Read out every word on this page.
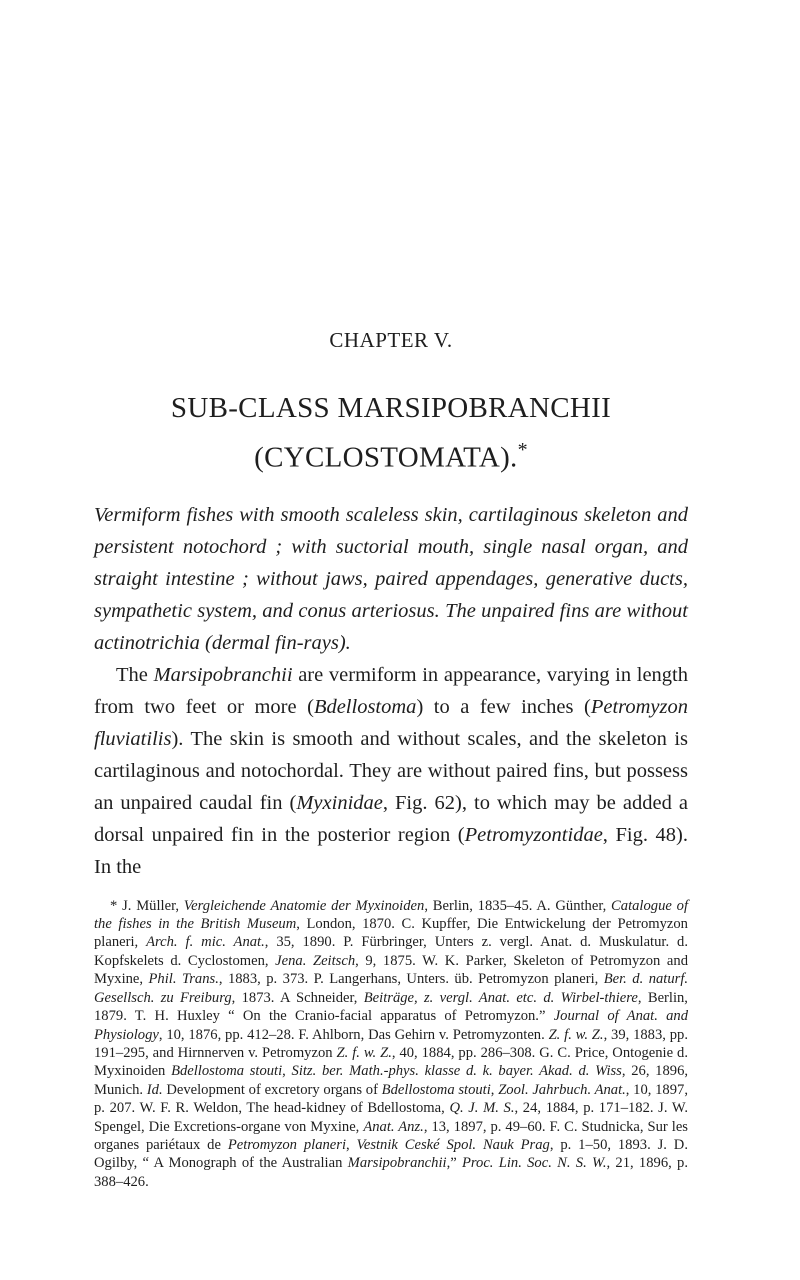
CHAPTER V.
SUB-CLASS MARSIPOBRANCHII
(CYCLOSTOMATA).*

Vermiform fishes with smooth scaleless skin, cartilaginous skeleton and persistent notochord ; with suctorial mouth, single nasal organ, and straight intestine ; without jaws, paired appendages, generative ducts, sympathetic system, and conus arteriosus. The unpaired fins are without actinotrichia (dermal fin-rays).

The Marsipobranchii are vermiform in appearance, varying in length from two feet or more (Bdellostoma) to a few inches (Petromyzon fluviatilis). The skin is smooth and without scales, and the skeleton is cartilaginous and notochordal. They are without paired fins, but possess an unpaired caudal fin (Myxinidae, Fig. 62), to which may be added a dorsal unpaired fin in the posterior region (Petromyzontidae, Fig. 48). In the

* J. Müller, Vergleichende Anatomie der Myxinoiden, Berlin, 1835–45. A. Günther, Catalogue of the fishes in the British Museum, London, 1870. C. Kupffer, Die Entwickelung der Petromyzon planeri, Arch. f. mic. Anat., 35, 1890. P. Fürbringer, Unters z. vergl. Anat. d. Muskulatur. d. Kopfskelets d. Cyclostomen, Jena. Zeitsch, 9, 1875. W. K. Parker, Skeleton of Petromyzon and Myxine, Phil. Trans., 1883, p. 373. P. Langerhans, Unters. üb. Petromyzon planeri, Ber. d. naturf. Gesellsch. zu Freiburg, 1873. A Schneider, Beiträge, z. vergl. Anat. etc. d. Wirbel-thiere, Berlin, 1879. T. H. Huxley “ On the Cranio-facial apparatus of Petromyzon.” Journal of Anat. and Physiology, 10, 1876, pp. 412–28. F. Ahlborn, Das Gehirn v. Petromyzonten. Z. f. w. Z., 39, 1883, pp. 191–295, and Hirnnerven v. Petromyzon Z. f. w. Z., 40, 1884, pp. 286–308. G. C. Price, Ontogenie d. Myxinoiden Bdellostoma stouti, Sitz. ber. Math.-phys. klasse d. k. bayer. Akad. d. Wiss, 26, 1896, Munich. Id. Development of excretory organs of Bdellostoma stouti, Zool. Jahrbuch. Anat., 10, 1897, p. 207. W. F. R. Weldon, The head-kidney of Bdellostoma, Q. J. M. S., 24, 1884, p. 171–182. J. W. Spengel, Die Excretions-organe von Myxine, Anat. Anz., 13, 1897, p. 49–60. F. C. Studnicka, Sur les organes pariétaux de Petromyzon planeri, Vestnik Ceské Spol. Nauk Prag, p. 1–50, 1893. J. D. Ogilby, “ A Monograph of the Australian Marsipobranchii,” Proc. Lin. Soc. N. S. W., 21, 1896, p. 388–426.
